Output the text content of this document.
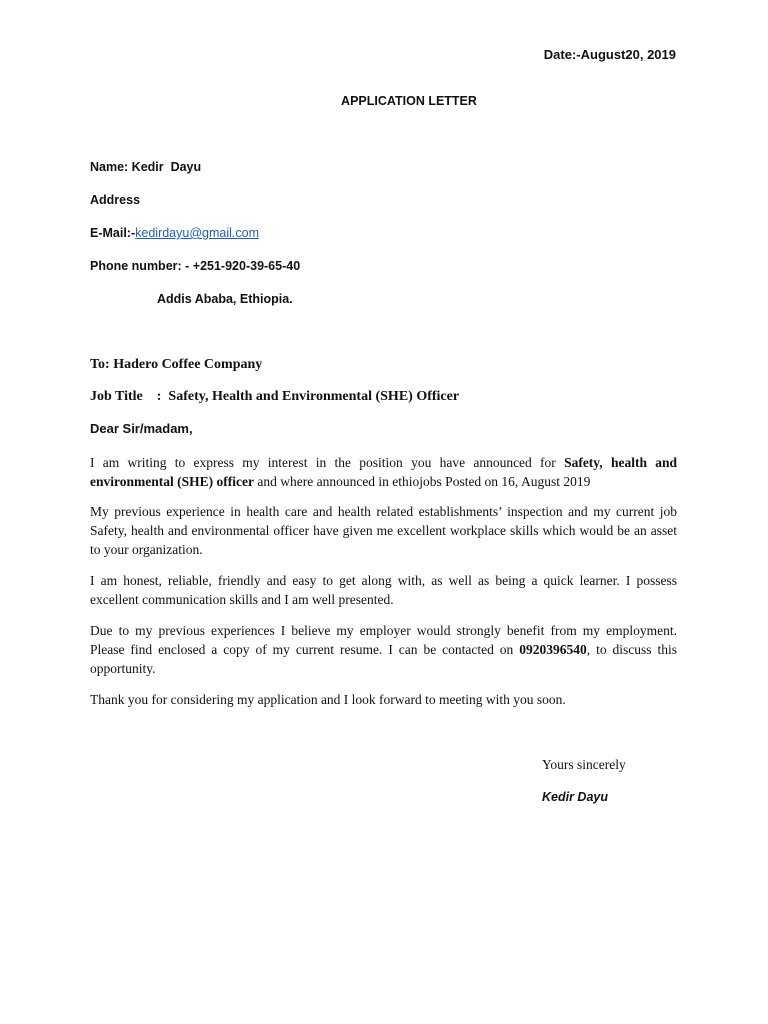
Date:-August20, 2019
APPLICATION LETTER
Name: Kedir  Dayu
Address
E-Mail:-kedirdayu@gmail.com
Phone number: - +251-920-39-65-40
Addis Ababa, Ethiopia.
To: Hadero Coffee Company
Job Title    :  Safety, Health and Environmental (SHE) Officer
Dear Sir/madam,
I am writing to express my interest in the position you have announced for Safety, health and environmental (SHE) officer and where announced in ethiojobs Posted on 16, August 2019
My previous experience in health care and health related establishments’ inspection and my current job Safety, health and environmental officer have given me excellent workplace skills which would be an asset to your organization.
I am honest, reliable, friendly and easy to get along with, as well as being a quick learner. I possess excellent communication skills and I am well presented.
Due to my previous experiences I believe my employer would strongly benefit from my employment. Please find enclosed a copy of my current resume. I can be contacted on 0920396540, to discuss this opportunity.
Thank you for considering my application and I look forward to meeting with you soon.
Yours sincerely
Kedir Dayu
